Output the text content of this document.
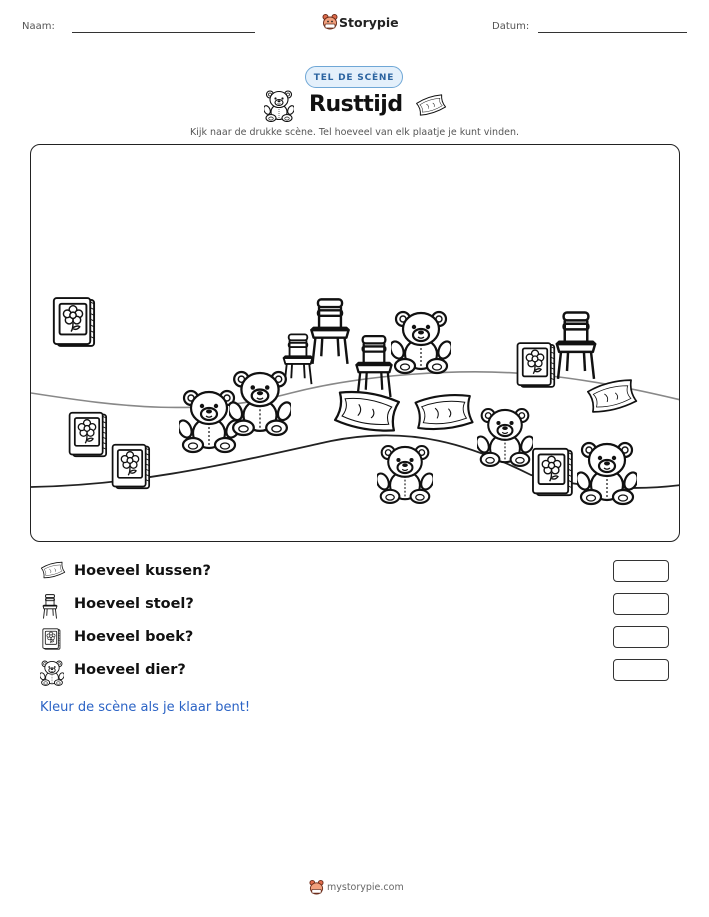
Naam:	Storypie	Datum:
TEL DE SCÈNE
Rusttijd
Kijk naar de drukke scène. Tel hoeveel van elk plaatje je kunt vinden.
Hoeveel kussen?
Hoeveel stoel?
Hoeveel boek?
Hoeveel dier?
Kleur de scène als je klaar bent!
mystorypie.com
